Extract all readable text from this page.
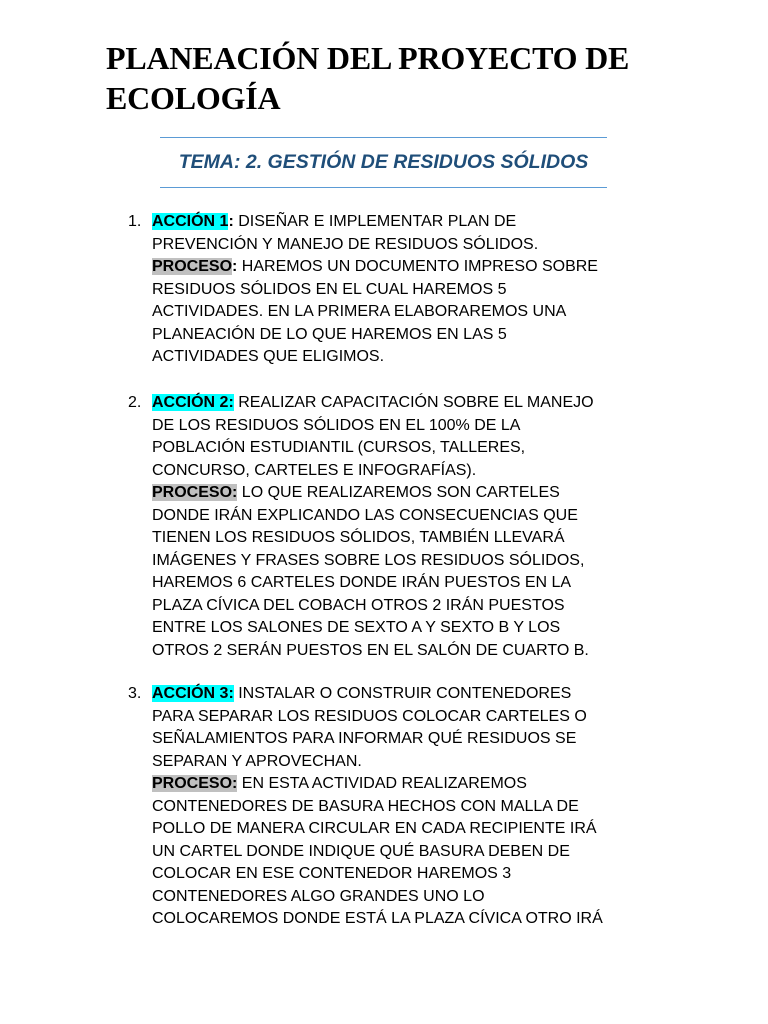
PLANEACIÓN DEL PROYECTO DE ECOLOGÍA

TEMA: 2. GESTIÓN DE RESIDUOS SÓLIDOS

1. ACCIÓN 1: DISEÑAR E IMPLEMENTAR PLAN DE
PREVENCIÓN Y MANEJO DE RESIDUOS SÓLIDOS.

PROCESO: HAREMOS UN DOCUMENTO IMPRESO SOBRE
RESIDUOS SÓLIDOS EN EL CUAL HAREMOS 5
ACTIVIDADES. EN LA PRIMERA ELABORAREMOS UNA
PLANEACIÓN DE LO QUE HAREMOS EN LAS 5
ACTIVIDADES QUE ELIGIMOS.

2. ACCIÓN 2: REALIZAR CAPACITACIÓN SOBRE EL MANEJO
DE LOS RESIDUOS SÓLIDOS EN EL 100% DE LA
POBLACIÓN ESTUDIANTIL (CURSOS, TALLERES,
CONCURSO, CARTELES E INFOGRAFÍAS).

PROCESO: LO QUE REALIZAREMOS SON CARTELES
DONDE IRÁN EXPLICANDO LAS CONSECUENCIAS QUE
TIENEN LOS RESIDUOS SÓLIDOS, TAMBIÉN LLEVARÁ
IMÁGENES Y FRASES SOBRE LOS RESIDUOS SÓLIDOS,
HAREMOS 6 CARTELES DONDE IRÁN PUESTOS EN LA
PLAZA CÍVICA DEL COBACH OTROS 2 IRÁN PUESTOS
ENTRE LOS SALONES DE SEXTO A Y SEXTO B Y LOS
OTROS 2 SERÁN PUESTOS EN EL SALÓN DE CUARTO B.

3. ACCIÓN 3: INSTALAR O CONSTRUIR CONTENEDORES
PARA SEPARAR LOS RESIDUOS COLOCAR CARTELES O
SEÑALAMIENTOS PARA INFORMAR QUÉ RESIDUOS SE
SEPARAN Y APROVECHAN.

PROCESO: EN ESTA ACTIVIDAD REALIZAREMOS
CONTENEDORES DE BASURA HECHOS CON MALLA DE
POLLO DE MANERA CIRCULAR EN CADA RECIPIENTE IRÁ
UN CARTEL DONDE INDIQUE QUÉ BASURA DEBEN DE
COLOCAR EN ESE CONTENEDOR HAREMOS 3
CONTENEDORES ALGO GRANDES UNO LO
COLOCAREMOS DONDE ESTÁ LA PLAZA CÍVICA OTRO IRÁ
